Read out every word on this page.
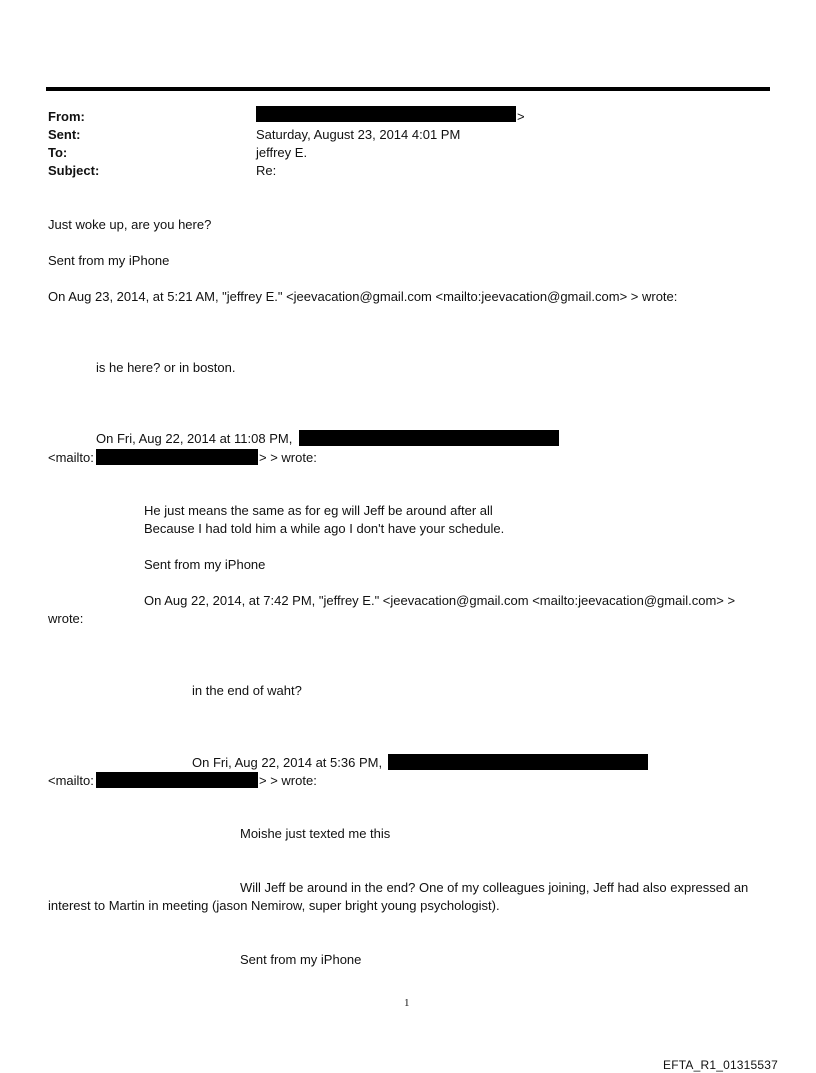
From:	>
Sent:	Saturday, August 23, 2014 4:01 PM
To:	jeffrey E.
Subject:	Re:
Just woke up, are you here?
Sent from my iPhone
On Aug 23, 2014, at 5:21 AM, "jeffrey E." <jeevacation@gmail.com <mailto:jeevacation@gmail.com> > wrote:
is he here? or in boston.
On Fri, Aug 22, 2014 at 11:08 PM,
<mailto:	> > wrote:
He just means the same as for eg will Jeff be around after all
Because I had told him a while ago I don't have your schedule.
Sent from my iPhone
On Aug 22, 2014, at 7:42 PM, "jeffrey E." <jeevacation@gmail.com <mailto:jeevacation@gmail.com> >
wrote:
in the end of waht?
On Fri, Aug 22, 2014 at 5:36 PM,
<mailto:	> > wrote:
Moishe just texted me this
Will Jeff be around in the end? One of my colleagues joining, Jeff had also expressed an
interest to Martin in meeting (jason Nemirow, super bright young psychologist).
Sent from my iPhone
1
EFTA_R1_01315537
